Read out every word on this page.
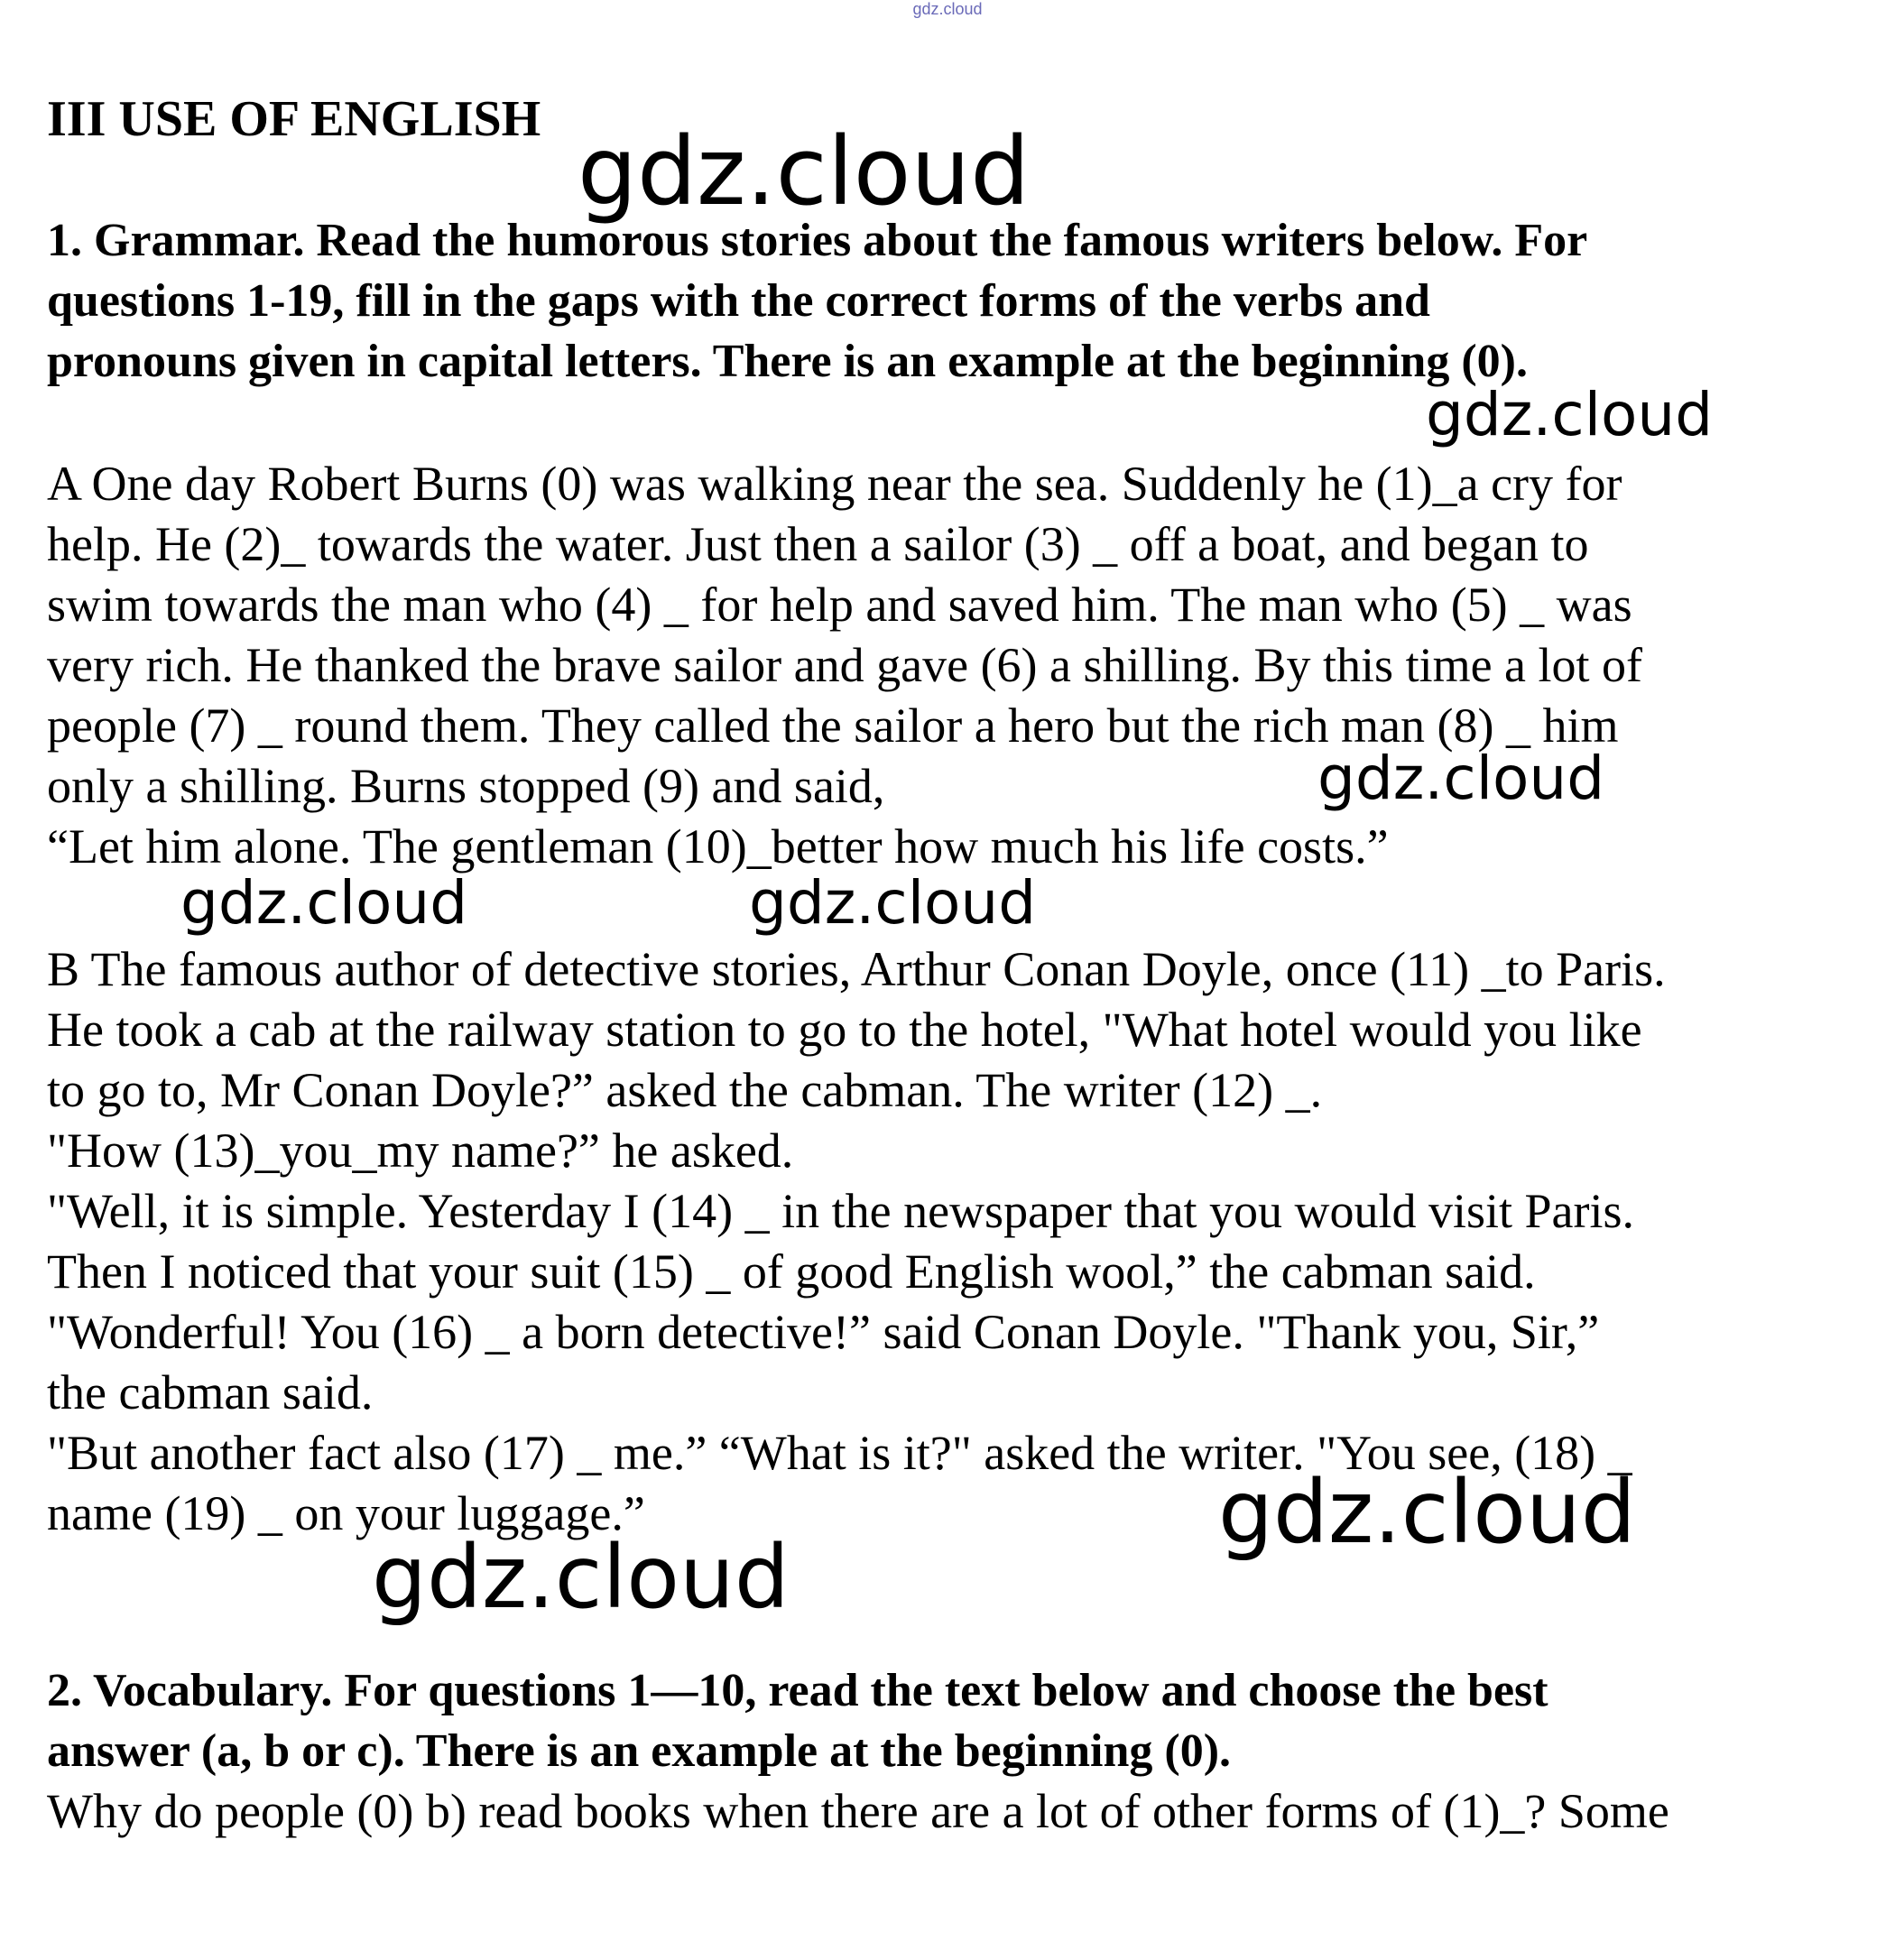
gdz.cloud
III USE OF ENGLISH
1. Grammar. Read the humorous stories about the famous writers below. For
questions 1-19, fill in the gaps with the correct forms of the verbs and
pronouns given in capital letters. There is an example at the beginning (0).
A One day Robert Burns (0) was walking near the sea. Suddenly he (1)_a cry for
help. He (2)_ towards the water. Just then a sailor (3) _ off a boat, and began to
swim towards the man who (4) _ for help and saved him. The man who (5) _ was
very rich. He thanked the brave sailor and gave (6) a shilling. By this time a lot of
people (7) _ round them. They called the sailor a hero but the rich man (8) _ him
only a shilling. Burns stopped (9) and said,
“Let him alone. The gentleman (10)_better how much his life costs.”
B The famous author of detective stories, Arthur Conan Doyle, once (11) _to Paris.
He took a cab at the railway station to go to the hotel, "What hotel would you like
to go to, Mr Conan Doyle?” asked the cabman. The writer (12) _.
"How (13)_you_my name?” he asked.
"Well, it is simple. Yesterday I (14) _ in the newspaper that you would visit Paris.
Then I noticed that your suit (15) _ of good English wool,” the cabman said.
"Wonderful! You (16) _ a born detective!” said Conan Doyle. "Thank you, Sir,”
the cabman said.
"But another fact also (17) _ me.” “What is it?" asked the writer. "You see, (18) _
name (19) _ on your luggage.”
2. Vocabulary. For questions 1—10, read the text below and choose the best
answer (a, b or c). There is an example at the beginning (0).
Why do people (0) b) read books when there are a lot of other forms of (1)_? Some
gdz.cloud
gdz.cloud
gdz.cloud
gdz.cloud	gdz.cloud
gdz.cloud
gdz.cloud
